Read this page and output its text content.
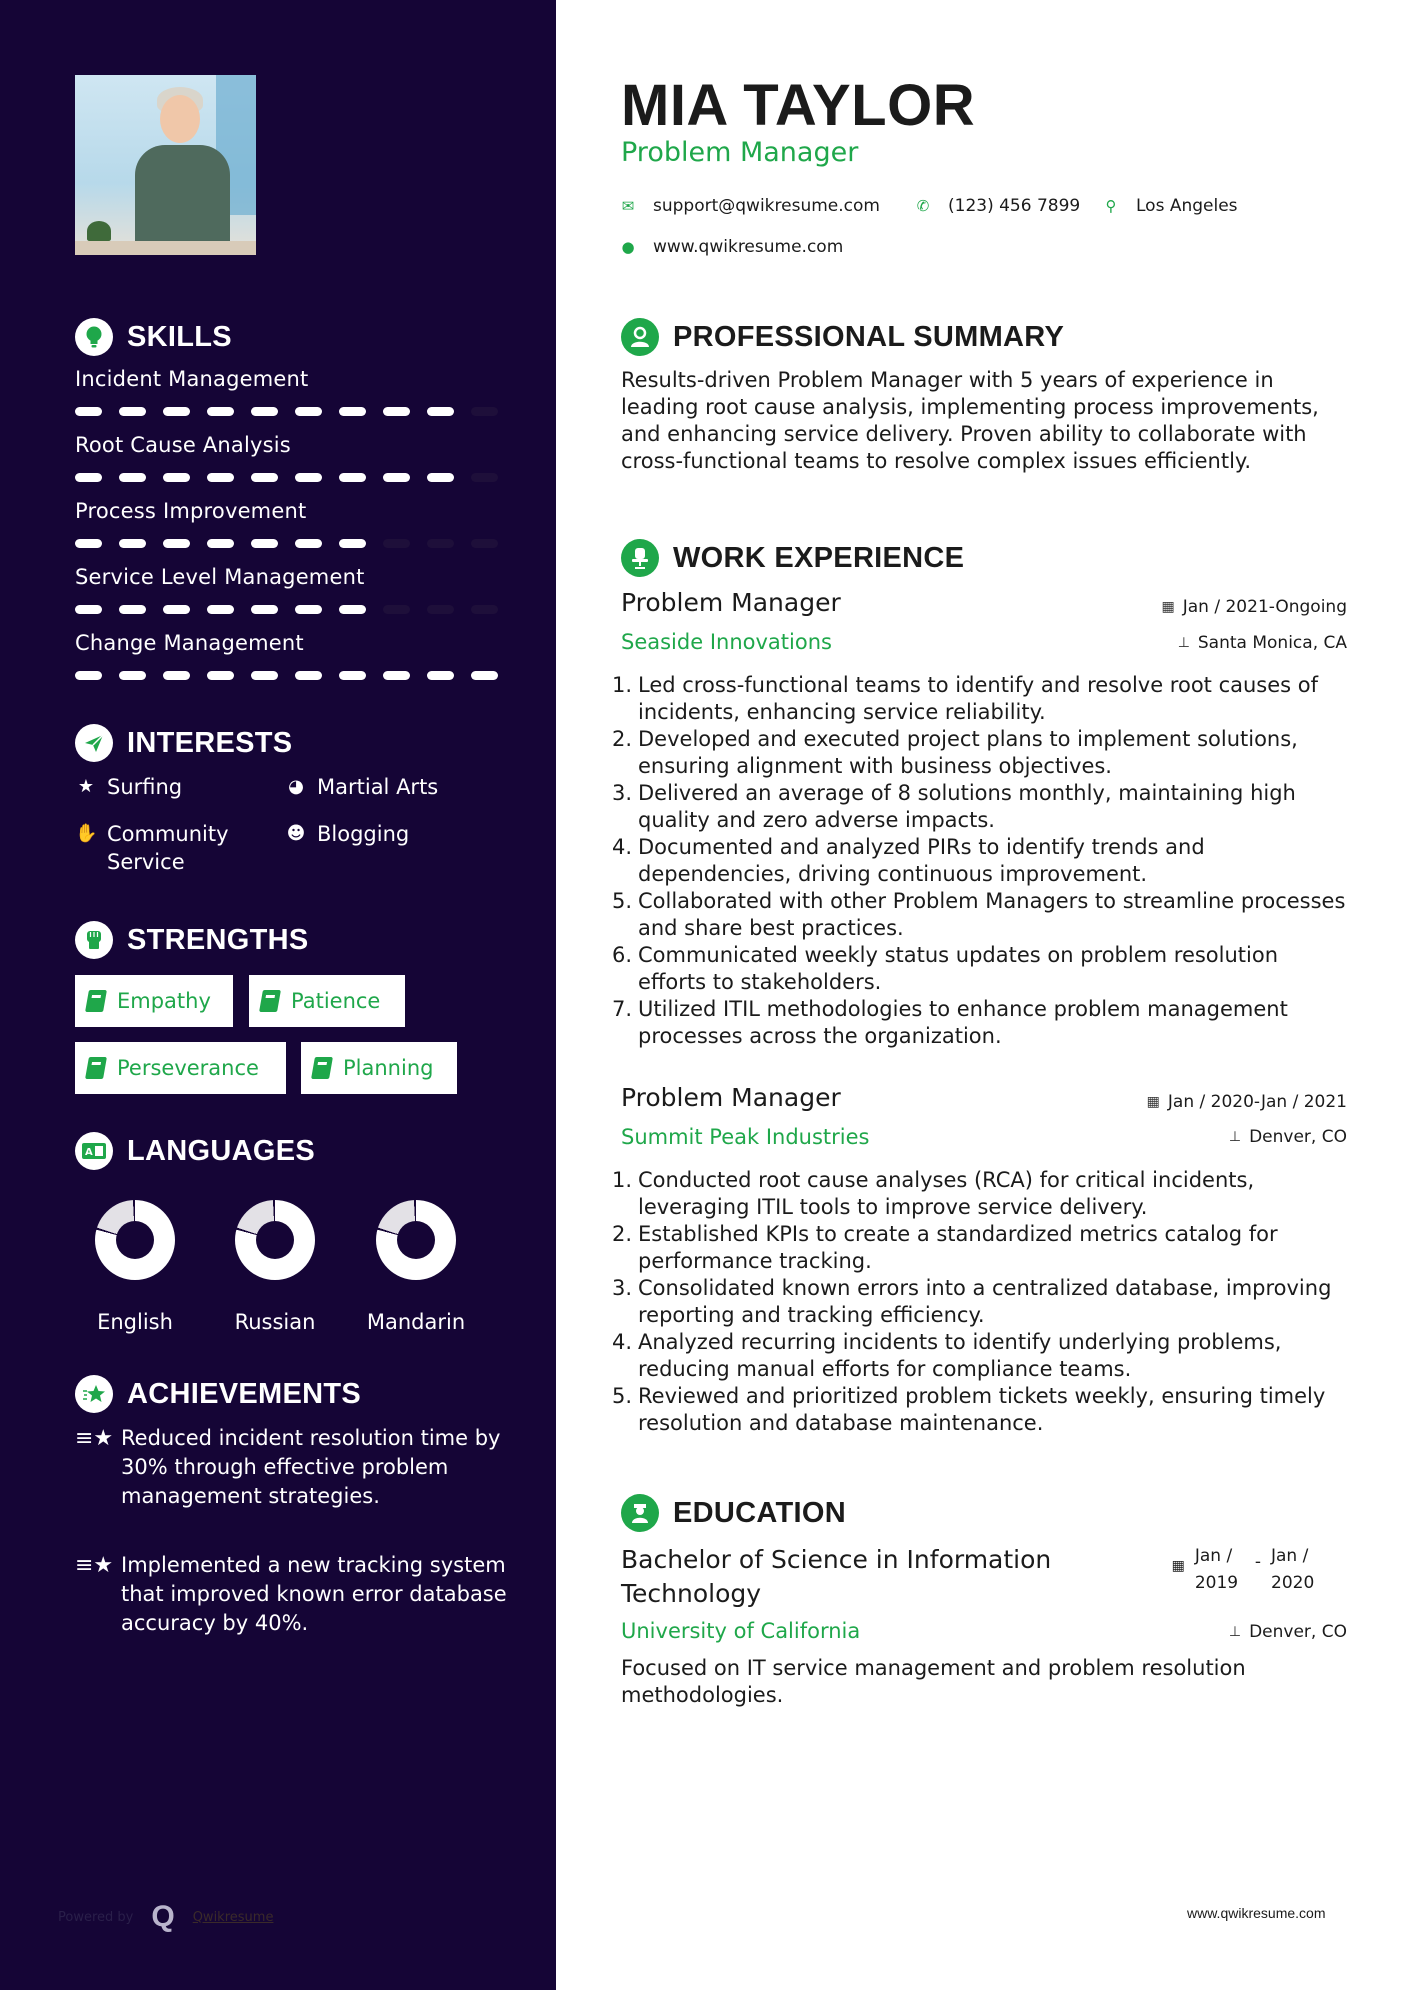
SKILLS
Incident Management
Root Cause Analysis
Process Improvement
Service Level Management
Change Management
INTERESTS
★ Surfing	◕ Martial Arts
✋ Community Service
☻ Blogging
STRENGTHS
Empathy	Patience
Perseverance	Planning
A LANGUAGES
English	Russian	Mandarin
ACHIEVEMENTS
≡★ Reduced incident resolution time by 30% through effective problem management strategies.
≡★ Implemented a new tracking system that improved known error database accuracy by 40%.
Powered by Q Qwikresume
MIA TAYLOR
Problem Manager
✉ support@qwikresume.com ✆ (123) 456 7899 ⚲ Los Angeles
● www.qwikresume.com
PROFESSIONAL SUMMARY

Results-driven Problem Manager with 5 years of experience in leading root cause analysis, implementing process improvements, and enhancing service delivery. Proven ability to collaborate with cross-functional teams to resolve complex issues efficiently.

WORK EXPERIENCE
Problem Manager	▦ Jan / 2021-Ongoing
Seaside Innovations	⊥ Santa Monica, CA
1. Led cross-functional teams to identify and resolve root causes of incidents, enhancing service reliability.
2. Developed and executed project plans to implement solutions, ensuring alignment with business objectives.
3. Delivered an average of 8 solutions monthly, maintaining high quality and zero adverse impacts.
4. Documented and analyzed PIRs to identify trends and dependencies, driving continuous improvement.
5. Collaborated with other Problem Managers to streamline processes and share best practices.
6. Communicated weekly status updates on problem resolution efforts to stakeholders.
7. Utilized ITIL methodologies to enhance problem management processes across the organization.
Problem Manager	▦ Jan / 2020-Jan / 2021
Summit Peak Industries	⊥ Denver, CO
1. Conducted root cause analyses (RCA) for critical incidents, leveraging ITIL tools to improve service delivery.
2. Established KPIs to create a standardized metrics catalog for performance tracking.
3. Consolidated known errors into a centralized database, improving reporting and tracking efficiency.
4. Analyzed recurring incidents to identify underlying problems, reducing manual efforts for compliance teams.
5. Reviewed and prioritized problem tickets weekly, ensuring timely resolution and database maintenance.
EDUCATION
Bachelor of Science in Information Technology
▦ Jan / 2019
- Jan / 2020
University of California	⊥ Denver, CO

Focused on IT service management and problem resolution methodologies.

www.qwikresume.com
